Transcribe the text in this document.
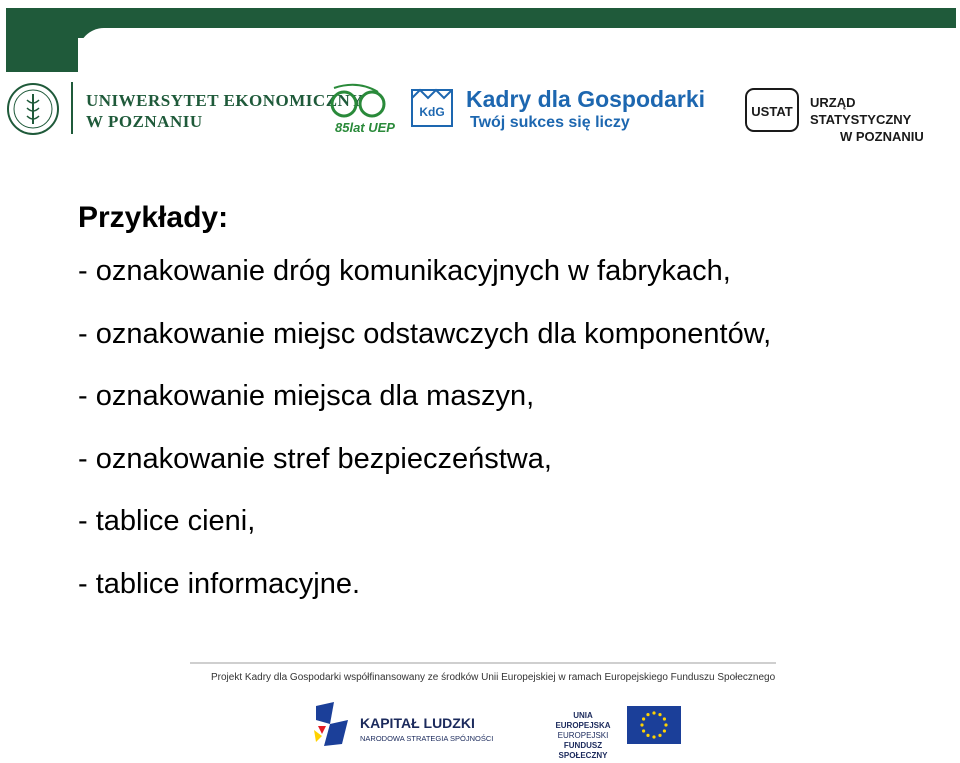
UNIWERSYTET EKONOMICZNY
W POZNANIU	85lat UEP
KdG Kadry dla Gospodarki
Twój sukces się liczy
USTAT
URZĄD STATYSTYCZNY
W POZNANIU
Przykłady:
- oznakowanie dróg komunikacyjnych w fabrykach,
- oznakowanie miejsc odstawczych dla komponentów,
- oznakowanie miejsca dla maszyn,
- oznakowanie stref bezpieczeństwa,
- tablice cieni,
- tablice informacyjne.
Projekt Kadry dla Gospodarki współfinansowany ze środków Unii Europejskiej w ramach Europejskiego Funduszu Społecznego
KAPITAŁ LUDZKI
NARODOWA STRATEGIA SPÓJNOŚCI
UNIA EUROPEJSKA
EUROPEJSKI
FUNDUSZ SPOŁECZNY
